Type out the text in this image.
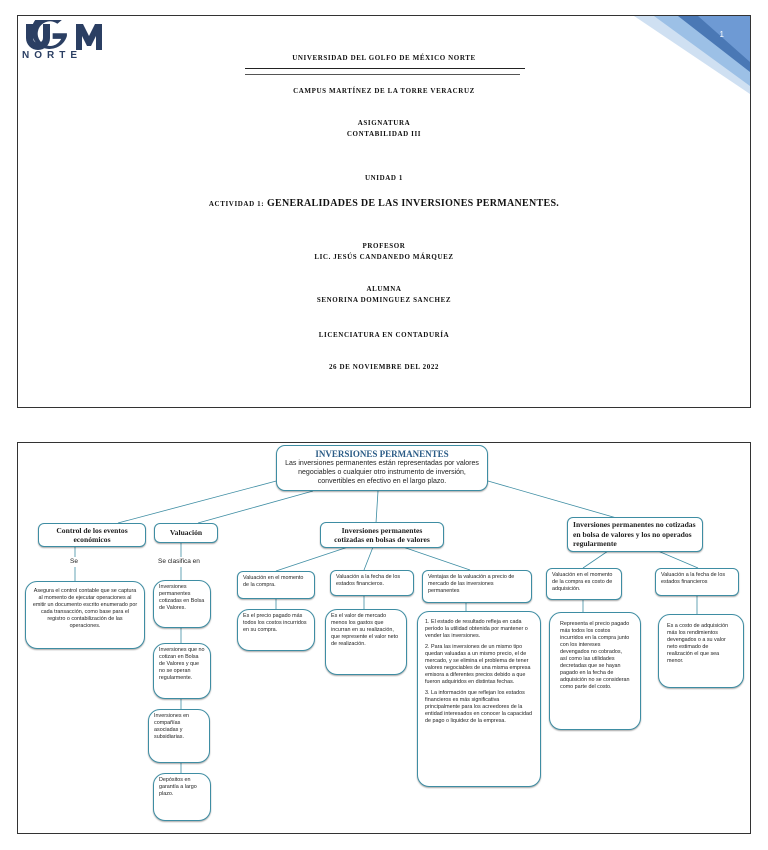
NORTE
1
UNIVERSIDAD DEL GOLFO DE MÉXICO NORTE
CAMPUS MARTÍNEZ DE LA TORRE VERACRUZ
ASIGNATURA
CONTABILIDAD III
UNIDAD 1
ACTIVIDAD 1: GENERALIDADES DE LAS INVERSIONES PERMANENTES.
PROFESOR
LIC. JESÚS CANDANEDO MÁRQUEZ
ALUMNA
SENORINA DOMINGUEZ SANCHEZ
LICENCIATURA EN CONTADURÍA
26 DE NOVIEMBRE DEL 2022
INVERSIONES PERMANENTES
Las inversiones permanentes están representadas por valores negociables o cualquier otro instrumento de inversión, convertibles en efectivo en el largo plazo.
Control de los eventos económicos
Se
Asegura el control contable que se captura al momento de ejecutar operaciones al emitir un documento escrito enumerado por cada transacción, como base para el registro o contabilización de las operaciones.
Valuación
Se clasifica en
Inversiones permanentes cotizadas en Bolsa de Valores.
Inversiones que no cotizan en Bolsa de Valores y que no se operan regularmente.
Inversiones en compañías asociadas y subsidiarias.
Depósitos en garantía a largo plazo.
Inversiones permanentes cotizadas en bolsas de valores
Valuación en el momento de la compra.
Es el precio pagado más todos los costos incurridos en su compra.
Valuación a la fecha de los estados financieros.
Es el valor de mercado menos los gastos que incurran en su realización, que represente el valor neto de realización.
Ventajas de la valuación a precio de mercado de las inversiones permanentes

1. El estado de resultado refleja en cada período la utilidad obtenida por mantener o vender las inversiones.

2. Para las inversiones de un mismo tipo quedan valuadas a un mismo precio, el de mercado, y se elimina el problema de tener valores negociables de una misma empresa emisora a diferentes precios debido a que fueron adquiridos en distintas fechas.

3. La información que reflejan los estados financieros es más significativa principalmente para los acreedores de la entidad interesados en conocer la capacidad de pago o liquidez de la empresa.

Inversiones permanentes no cotizadas en bolsa de valores y los no operados regularmente
Valuación en el momento de la compra es costo de adquisición.
Representa el precio pagado más todos los costos incurridos en la compra junto con los intereses devengados no cobrados, así como las utilidades decretadas que se hayan pagado en la fecha de adquisición no se consideran como parte del costo.
Valuación a la fecha de los estados financieros
Es a costo de adquisición más los rendimientos devengados o a su valor neto estimado de realización el que sea menor.
